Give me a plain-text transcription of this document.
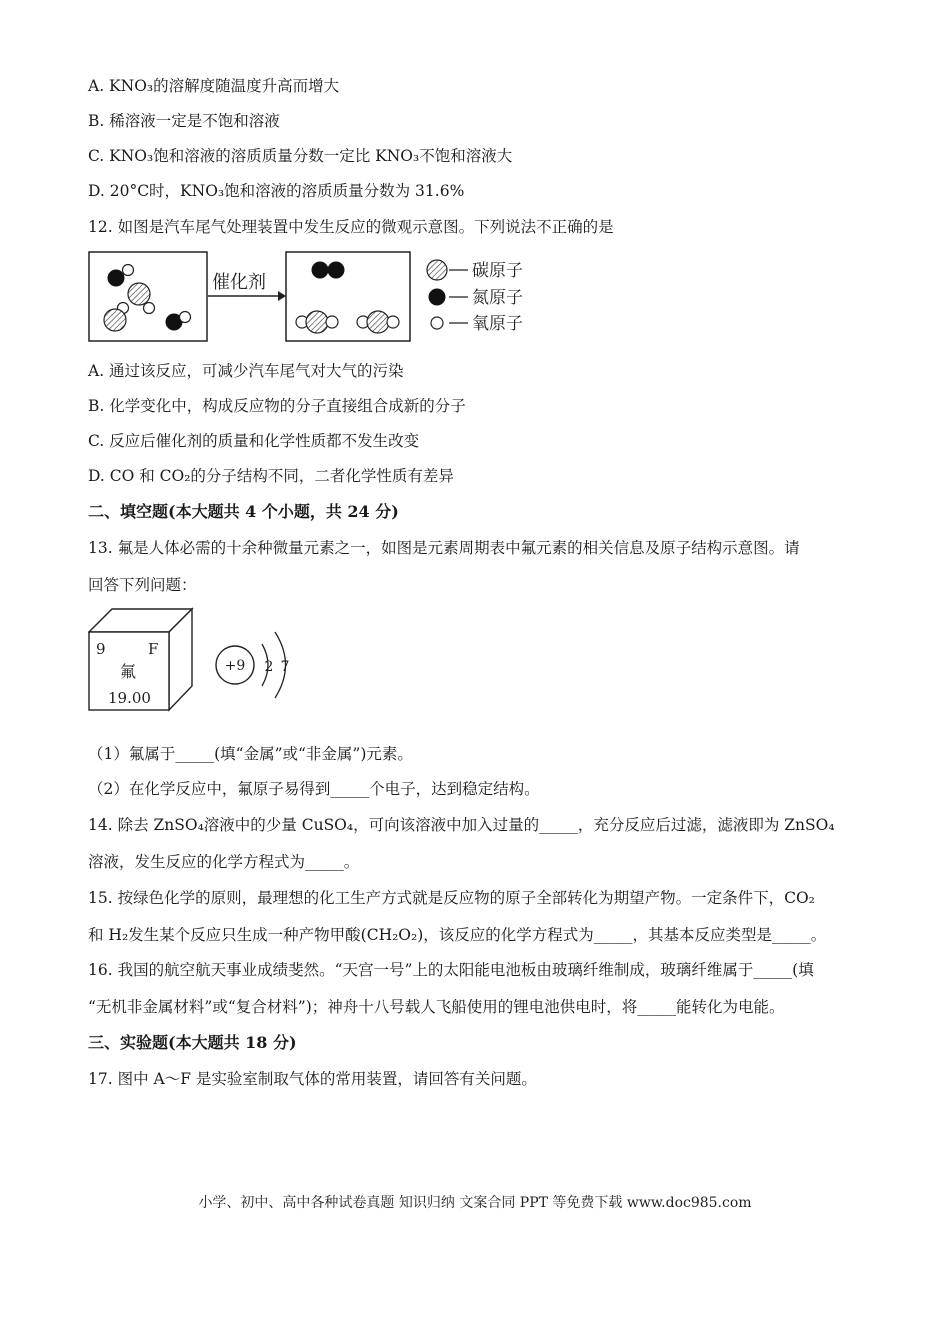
A. KNO₃的溶解度随温度升高而增大
B. 稀溶液一定是不饱和溶液
C. KNO₃饱和溶液的溶质质量分数一定比 KNO₃不饱和溶液大
D. 20°C时，KNO₃饱和溶液的溶质质量分数为 31.6%
12. 如图是汽车尾气处理装置中发生反应的微观示意图。下列说法不正确的是
催化剂
碳原子
氮原子
氧原子
A. 通过该反应，可减少汽车尾气对大气的污染
B. 化学变化中，构成反应物的分子直接组合成新的分子
C. 反应后催化剂的质量和化学性质都不发生改变
D. CO 和 CO₂的分子结构不同，二者化学性质有差异
二、填空题(本大题共 4 个小题，共 24 分)
13. 氟是人体必需的十余种微量元素之一，如图是元素周期表中氟元素的相关信息及原子结构示意图。请
回答下列问题：
9	F
氟
19.00
+9 2 7
（1）氟属于_____(填“金属”或“非金属”)元素。
（2）在化学反应中，氟原子易得到_____个电子，达到稳定结构。
14. 除去 ZnSO₄溶液中的少量 CuSO₄，可向该溶液中加入过量的_____，充分反应后过滤，滤液即为 ZnSO₄
溶液，发生反应的化学方程式为_____。
15. 按绿色化学的原则，最理想的化工生产方式就是反应物的原子全部转化为期望产物。一定条件下，CO₂
和 H₂发生某个反应只生成一种产物甲酸(CH₂O₂)，该反应的化学方程式为_____，其基本反应类型是_____。
16. 我国的航空航天事业成绩斐然。“天宫一号”上的太阳能电池板由玻璃纤维制成，玻璃纤维属于_____(填
“无机非金属材料”或“复合材料”)；神舟十八号载人飞船使用的锂电池供电时，将_____能转化为电能。
三、实验题(本大题共 18 分)
17. 图中 A～F 是实验室制取气体的常用装置，请回答有关问题。
小学、初中、高中各种试卷真题 知识归纳 文案合同 PPT 等免费下载 www.doc985.com
